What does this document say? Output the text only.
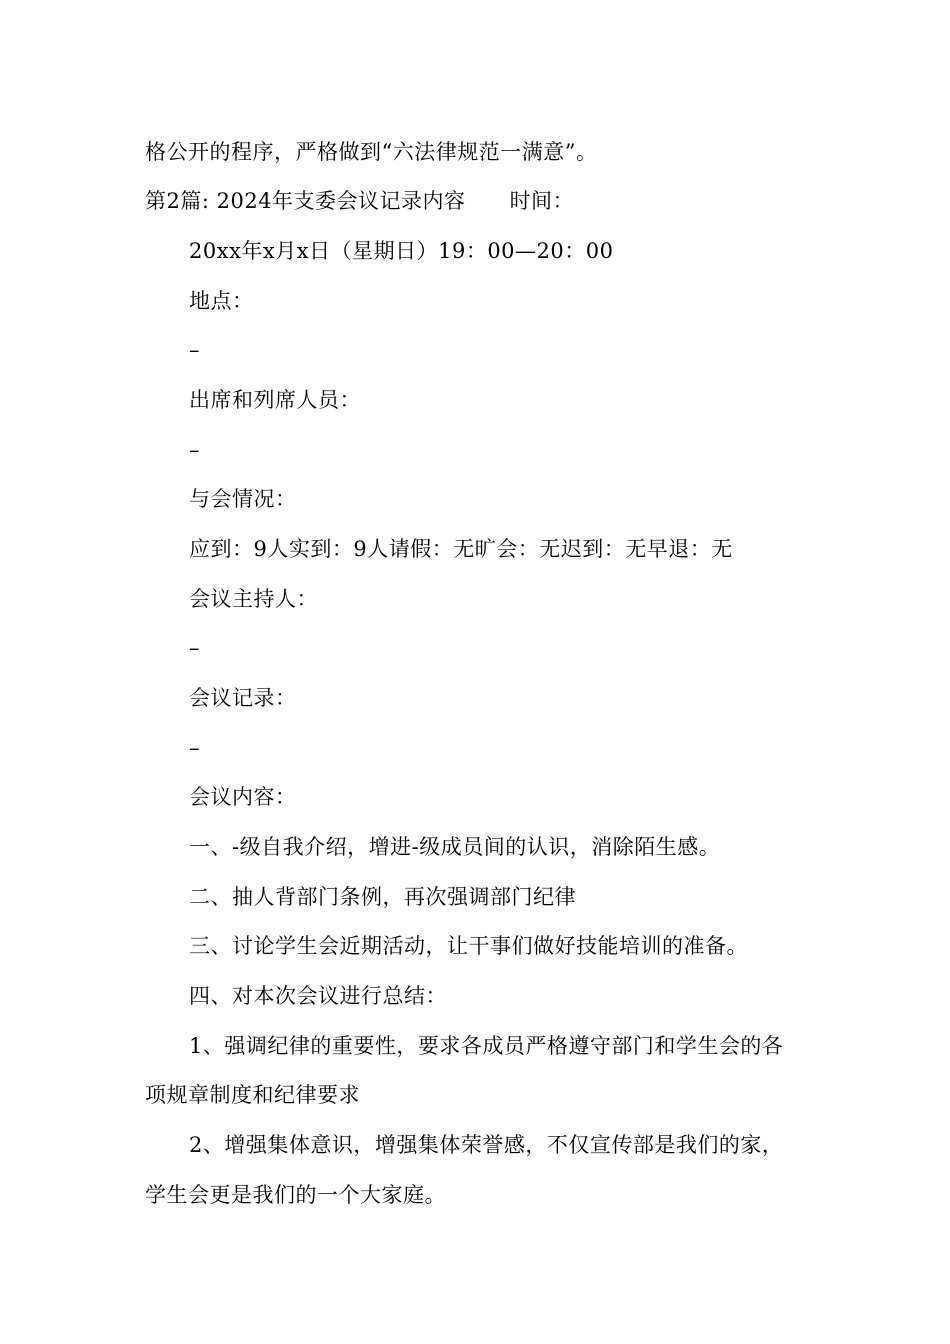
格公开的程序，严格做到“六法律规范一满意”。
第2篇: 2024年支委会议记录内容 时间：
20xx年x月x日（星期日）19：00—20：00
地点：
–
出席和列席人员：
–
与会情况：
应到：9人实到：9人请假：无旷会：无迟到：无早退：无
会议主持人：
–
会议记录：
–
会议内容：
一、-级自我介绍，增进-级成员间的认识，消除陌生感。
二、抽人背部门条例，再次强调部门纪律
三、讨论学生会近期活动，让干事们做好技能培训的准备。
四、对本次会议进行总结：
1、强调纪律的重要性，要求各成员严格遵守部门和学生会的各
项规章制度和纪律要求
2、增强集体意识，增强集体荣誉感，不仅宣传部是我们的家，
学生会更是我们的一个大家庭。
